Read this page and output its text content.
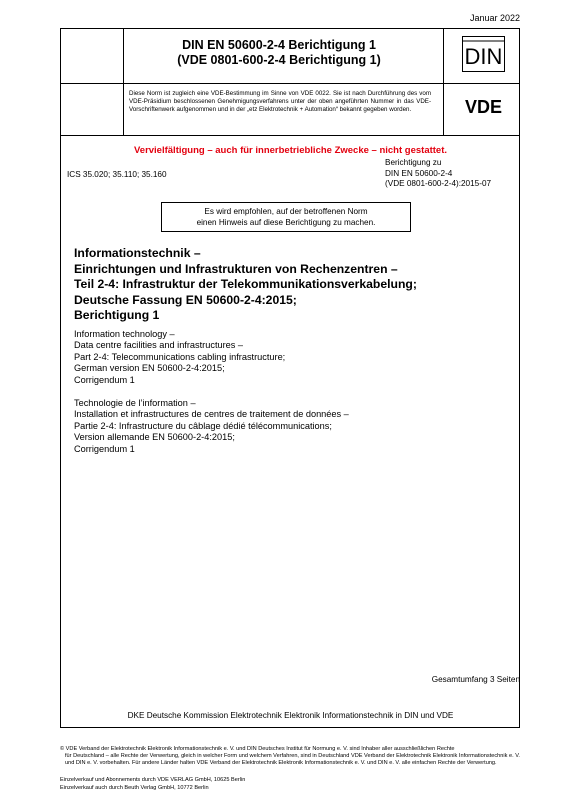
Januar 2022
DIN EN 50600-2-4 Berichtigung 1
(VDE 0801-600-2-4 Berichtigung 1)	DIN
Diese Norm ist zugleich eine VDE-Bestimmung im Sinne von VDE 0022. Sie ist nach Durchführung des vom VDE-Präsidium beschlossenen Genehmigungsverfahrens unter der oben angeführten Nummer in das VDE-Vorschriftenwerk aufgenommen und in der „etz Elektrotechnik + Automation“ bekannt gegeben worden.	VDE
Vervielfältigung – auch für innerbetriebliche Zwecke – nicht gestattet.
ICS 35.020; 35.110; 35.160
Berichtigung zu
DIN EN 50600-2-4
(VDE 0801-600-2-4):2015-07
Es wird empfohlen, auf der betroffenen Norm
einen Hinweis auf diese Berichtigung zu machen.
Informationstechnik –
Einrichtungen und Infrastrukturen von Rechenzentren –
Teil 2-4: Infrastruktur der Telekommunikationsverkabelung;
Deutsche Fassung EN 50600-2-4:2015;
Berichtigung 1
Information technology –
Data centre facilities and infrastructures –
Part 2-4: Telecommunications cabling infrastructure;
German version EN 50600-2-4:2015;
Corrigendum 1
Technologie de l’information –
Installation et infrastructures de centres de traitement de données –
Partie 2-4: Infrastructure du câblage dédié télécommunications;
Version allemande EN 50600-2-4:2015;
Corrigendum 1
Gesamtumfang 3 Seiten
DKE Deutsche Kommission Elektrotechnik Elektronik Informationstechnik in DIN und VDE
© VDE Verband der Elektrotechnik Elektronik Informationstechnik e. V. und DIN Deutsches Institut für Normung e. V. sind Inhaber aller ausschließlichen Rechte
für Deutschland – alle Rechte der Verwertung, gleich in welcher Form und welchem Verfahren, sind in Deutschland VDE Verband der Elektrotechnik Elektronik Informationstechnik e. V. und DIN e. V. vorbehalten. Für andere Länder halten VDE Verband der Elektrotechnik Elektronik Informationstechnik e. V. und DIN e. V. alle einfachen Rechte der Verwertung.
Einzelverkauf und Abonnements durch VDE VERLAG GmbH, 10625 Berlin
Einzelverkauf auch durch Beuth Verlag GmbH, 10772 Berlin
